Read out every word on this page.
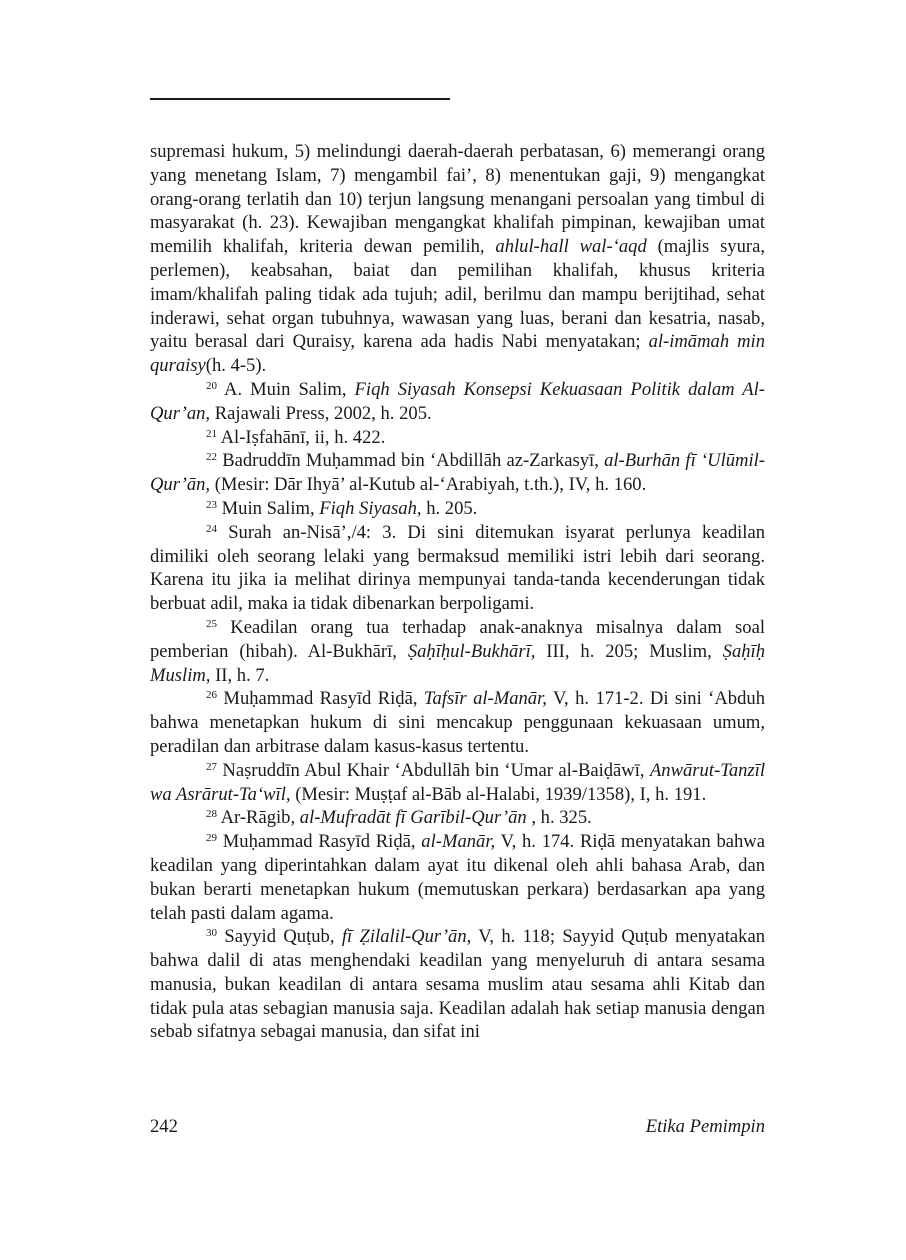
supremasi hukum, 5) melindungi daerah-daerah perbatasan, 6) memerangi orang yang menetang Islam, 7) mengambil fai’, 8) menentukan gaji, 9) mengangkat orang-orang terlatih dan 10) terjun langsung menangani persoalan yang timbul di masyarakat (h. 23). Kewajiban mengangkat khalifah pimpinan, kewajiban umat memilih khalifah, kriteria dewan pemilih, ahlul-hall wal-‘aqd (majlis syura, perlemen), keabsahan, baiat dan pemilihan khalifah, khusus kriteria imam/khalifah paling tidak ada tujuh; adil, berilmu dan mampu berijtihad, sehat inderawi, sehat organ tubuhnya, wawasan yang luas, berani dan kesatria, nasab, yaitu berasal dari Quraisy, karena ada hadis Nabi menyatakan; al-imāmah min quraisy(h. 4-5).

$^{20}$ A. Muin Salim, Fiqh Siyasah Konsepsi Kekuasaan Politik dalam Al-Qur’an, Rajawali Press, 2002, h. 205.

$^{21}$ Al-Iṣfahānī, ii, h. 422.

$^{22}$ Badruddīn Muḥammad bin ‘Abdillāh az-Zarkasyī, al-Burhān fī ‘Ulūmil-Qur’ān, (Mesir: Dār Ihyā’ al-Kutub al-‘Arabiyah, t.th.), IV, h. 160.

$^{23}$ Muin Salim, Fiqh Siyasah, h. 205.

$^{24}$ Surah an-Nisā’,/4: 3. Di sini ditemukan isyarat perlunya keadilan dimiliki oleh seorang lelaki yang bermaksud memiliki istri lebih dari seorang. Karena itu jika ia melihat dirinya mempunyai tanda-tanda kecenderungan tidak berbuat adil, maka ia tidak dibenarkan berpoligami.

$^{25}$ Keadilan orang tua terhadap anak-anaknya misalnya dalam soal pemberian (hibah). Al-Bukhārī, Ṣaḥīḥul-Bukhārī, III, h. 205; Muslim, Ṣaḥīḥ Muslim, II, h. 7.

$^{26}$ Muḥammad Rasyīd Riḍā, Tafsīr al-Manār, V, h. 171-2. Di sini ‘Abduh bahwa menetapkan hukum di sini mencakup penggunaan kekuasaan umum, peradilan dan arbitrase dalam kasus-kasus tertentu.

$^{27}$ Naṣruddīn Abul Khair ‘Abdullāh bin ‘Umar al-Baiḍāwī, Anwārut-Tanzīl wa Asrārut-Ta‘wīl, (Mesir: Muṣṭaf al-Bāb al-Halabi, 1939/1358), I, h. 191.

$^{28}$ Ar-Rāgib, al-Mufradāt fī Garībil-Qur’ān , h. 325.

$^{29}$ Muḥammad Rasyīd Riḍā, al-Manār, V, h. 174. Riḍā menyatakan bahwa keadilan yang diperintahkan dalam ayat itu dikenal oleh ahli bahasa Arab, dan bukan berarti menetapkan hukum (memutuskan perkara) berdasarkan apa yang telah pasti dalam agama.

$^{30}$ Sayyid Quṭub, fī Ẓilalil-Qur’ān, V, h. 118; Sayyid Quṭub menyatakan bahwa dalil di atas menghendaki keadilan yang menyeluruh di antara sesama manusia, bukan keadilan di antara sesama muslim atau sesama ahli Kitab dan tidak pula atas sebagian manusia saja. Keadilan adalah hak setiap manusia dengan sebab sifatnya sebagai manusia, dan sifat ini

242	Etika Pemimpin
